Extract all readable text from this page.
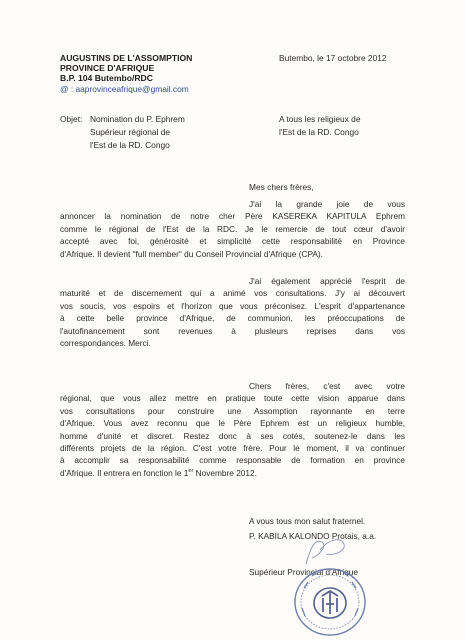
AUGUSTINS DE L'ASSOMPTION
PROVINCE D'AFRIQUE
B.P. 104 Butembo/RDC
@ : aaprovinceafrique@gmail.com
Butembo, le 17 octobre 2012
Objet: Nomination du P. Ephrem
Supérieur régional de
l'Est de la RD. Congo
A tous les religieux de
l'Est de la RD. Congo
Mes chers frères,
J'ai la grande joie de vous
annoncer la nomination de notre cher Père KASEREKA KAPITULA Ephrem
comme le régional de l'Est de la RDC. Je le remercie de tout cœur d'avoir
accepté avec foi, générosité et simplicité cette responsabilité en Province
d'Afrique. Il devient "full member" du Conseil Provincial d'Afrique (CPA).
J'ai également apprécié l'esprit de
maturité et de discernement qui a animé vos consultations. J'y ai découvert
vos soucis, vos espoirs et l'horizon que vous préconisez. L'esprit d'appartenance
à cette belle province d'Afrique, de communion, les préoccupations de
l'autofinancement sont revenues à plusieurs reprises dans vos
correspondances. Merci.
Chers frères, c'est avec votre
régional, que vous allez mettre en pratique toute cette vision apparue dans
vos consultations pour construire une Assomption rayonnante en terre
d'Afrique. Vous avez reconnu que le Père Ephrem est un religieux humble,
homme d'unité et discret. Restez donc à ses cotés, soutenez-le dans les
différents projets de la région. C'est votre frère. Pour le moment, il va continuer
à accomplir sa responsabilité comme responsable de formation en province
d'Afrique. Il entrera en fonction le 1er Novembre 2012.
A vous tous mon salut fraternel.
P. KABILA KALONDO Protais, a.a.
Supérieur Provincial d'Afrique
